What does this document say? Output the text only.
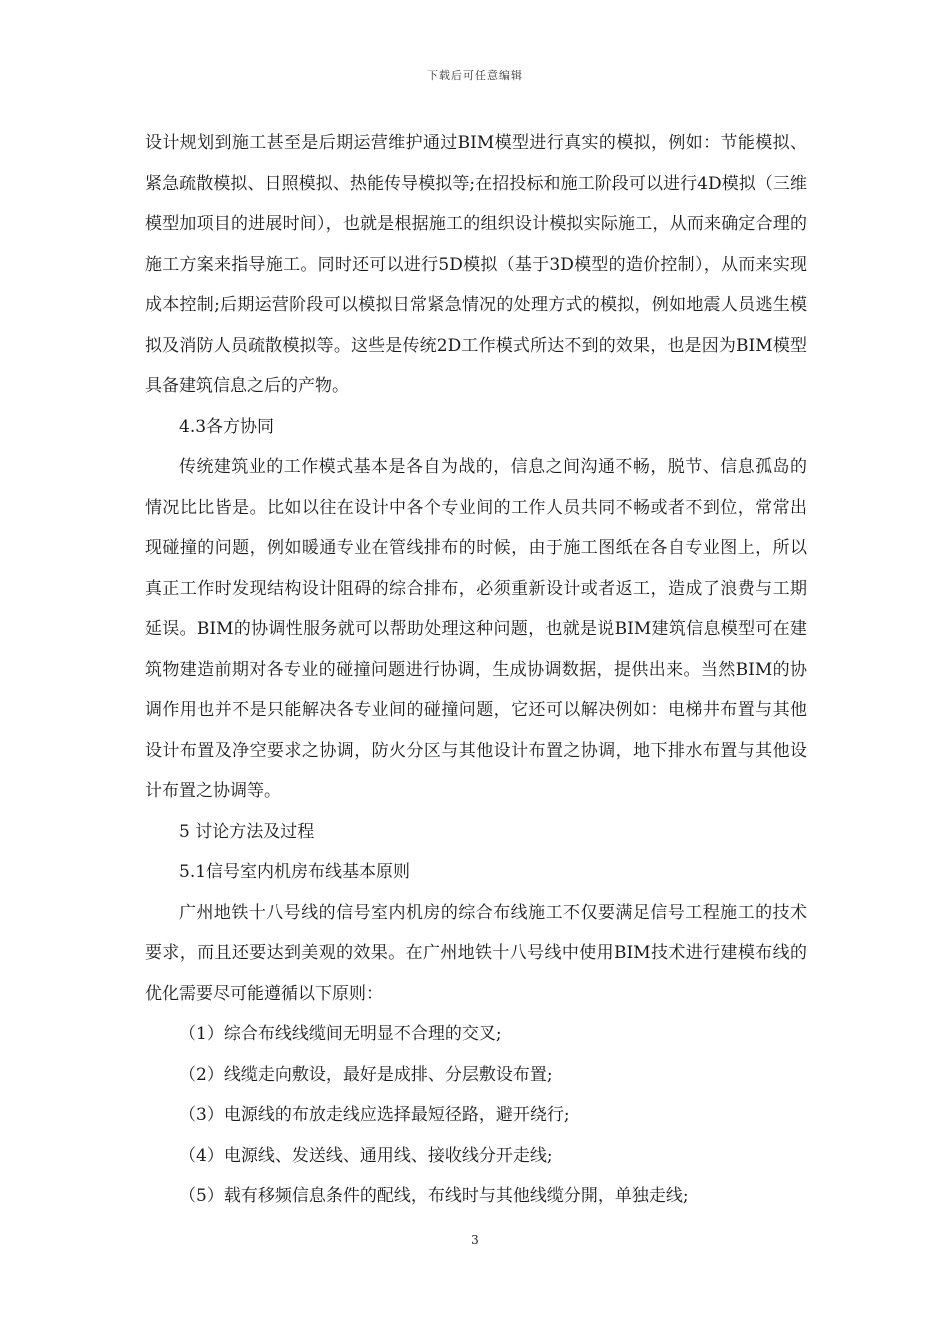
下载后可任意编辑

设计规划到施工甚至是后期运营维护通过BIM模型进行真实的模拟，例如：节能模拟、紧急疏散模拟、日照模拟、热能传导模拟等;在招投标和施工阶段可以进行4D模拟（三维模型加项目的进展时间），也就是根据施工的组织设计模拟实际施工，从而来确定合理的施工方案来指导施工。同时还可以进行5D模拟（基于3D模型的造价控制），从而来实现成本控制;后期运营阶段可以模拟日常紧急情况的处理方式的模拟，例如地震人员逃生模拟及消防人员疏散模拟等。这些是传统2D工作模式所达不到的效果，也是因为BIM模型具备建筑信息之后的产物。

4.3各方协同

传统建筑业的工作模式基本是各自为战的，信息之间沟通不畅，脱节、信息孤岛的情况比比皆是。比如以往在设计中各个专业间的工作人员共同不畅或者不到位，常常出现碰撞的问题，例如暖通专业在管线排布的时候，由于施工图纸在各自专业图上，所以真正工作时发现结构设计阻碍的综合排布，必须重新设计或者返工，造成了浪费与工期延误。BIM的协调性服务就可以帮助处理这种问题，也就是说BIM建筑信息模型可在建筑物建造前期对各专业的碰撞问题进行协调，生成协调数据，提供出来。当然BIM的协调作用也并不是只能解决各专业间的碰撞问题，它还可以解决例如：电梯井布置与其他设计布置及净空要求之协调，防火分区与其他设计布置之协调，地下排水布置与其他设计布置之协调等。

5 讨论方法及过程

5.1信号室内机房布线基本原则

广州地铁十八号线的信号室内机房的综合布线施工不仅要满足信号工程施工的技术要求，而且还要达到美观的效果。在广州地铁十八号线中使用BIM技术进行建模布线的优化需要尽可能遵循以下原则：

（1）综合布线线缆间无明显不合理的交叉;

（2）线缆走向敷设，最好是成排、分层敷设布置;

（3）电源线的布放走线应选择最短径路，避开绕行;

（4）电源线、发送线、通用线、接收线分开走线;

（5）载有移频信息条件的配线，布线时与其他线缆分開，单独走线;

3
